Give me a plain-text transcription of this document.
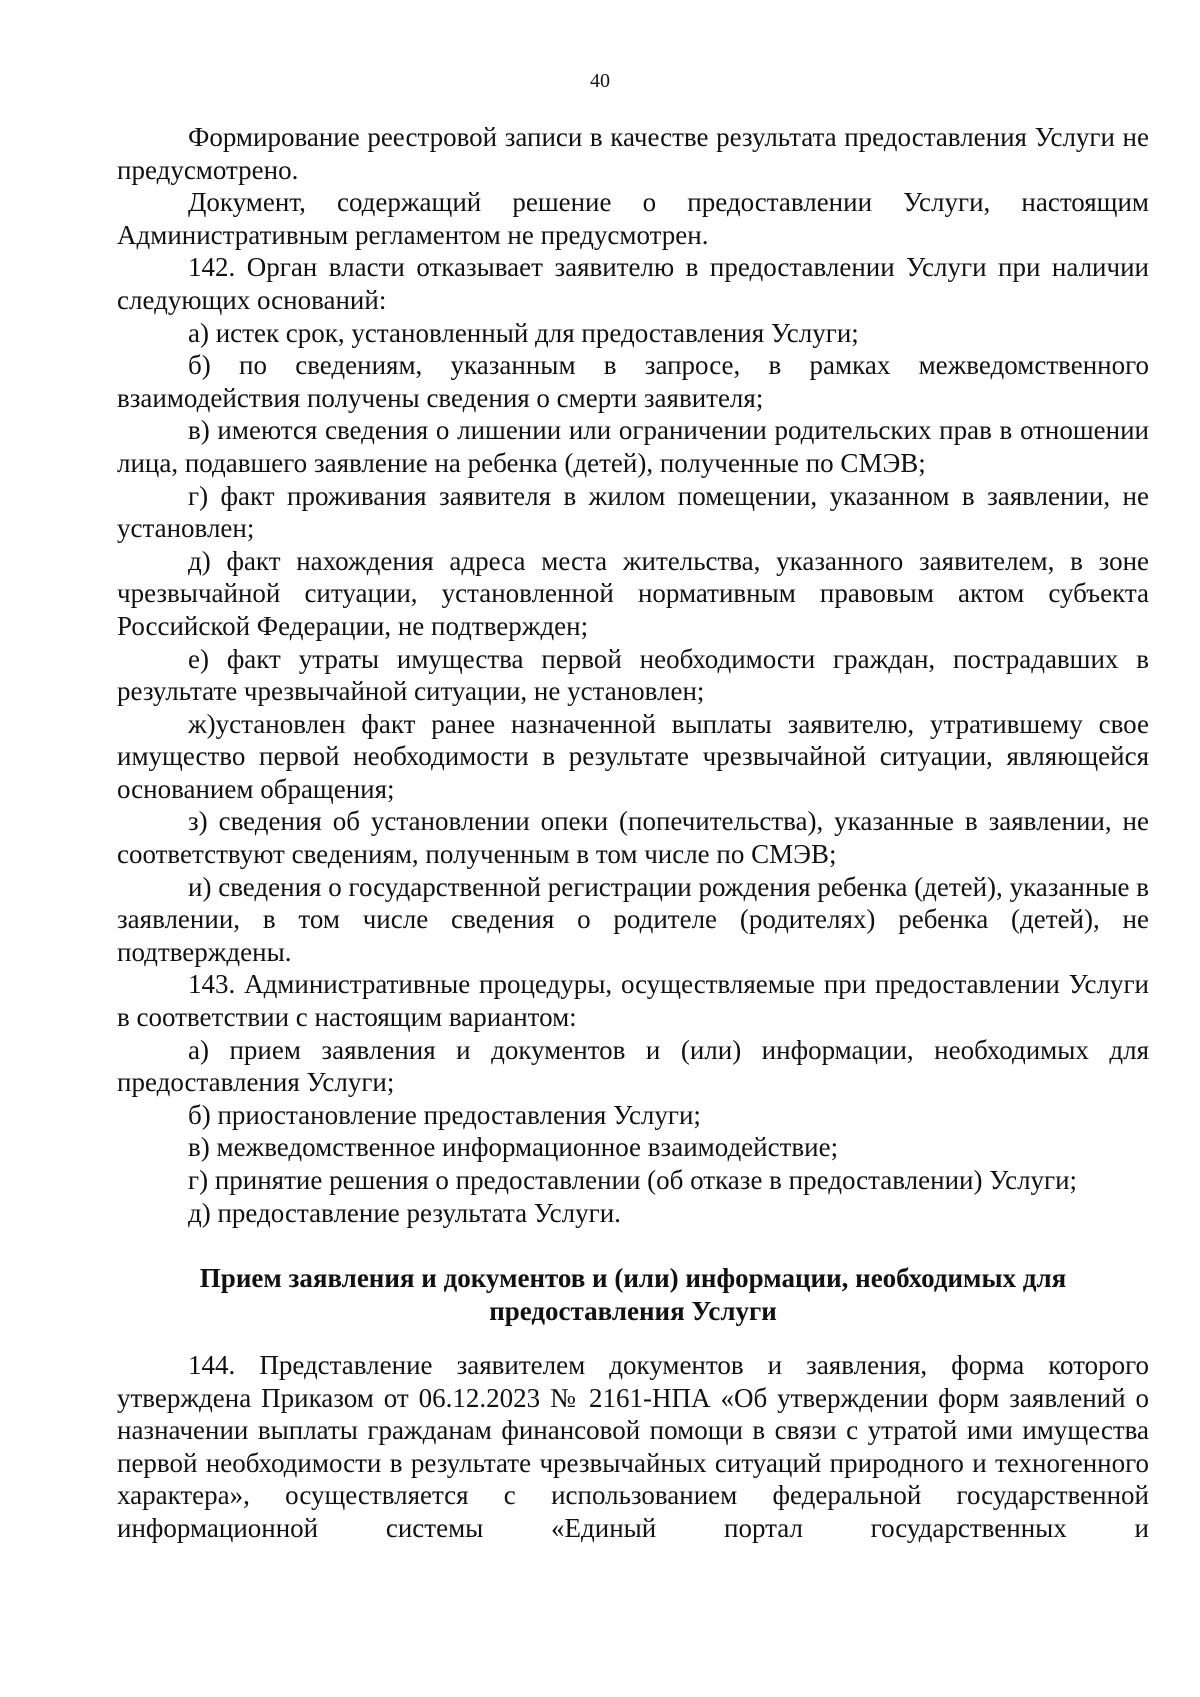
40

Формирование реестровой записи в качестве результата предоставления Услуги не предусмотрено.

Документ, содержащий решение о предоставлении Услуги, настоящим Административным регламентом не предусмотрен.

142. Орган власти отказывает заявителю в предоставлении Услуги при наличии следующих оснований:

а) истек срок, установленный для предоставления Услуги;

б) по сведениям, указанным в запросе, в рамках межведомственного взаимодействия получены сведения о смерти заявителя;

в) имеются сведения о лишении или ограничении родительских прав в отношении лица, подавшего заявление на ребенка (детей), полученные по СМЭВ;

г) факт проживания заявителя в жилом помещении, указанном в заявлении, не установлен;

д) факт нахождения адреса места жительства, указанного заявителем, в зоне чрезвычайной ситуации, установленной нормативным правовым актом субъекта Российской Федерации, не подтвержден;

е) факт утраты имущества первой необходимости граждан, пострадавших в результате чрезвычайной ситуации, не установлен;

ж)установлен факт ранее назначенной выплаты заявителю, утратившему свое имущество первой необходимости в результате чрезвычайной ситуации, являющейся основанием обращения;

з) сведения об установлении опеки (попечительства), указанные в заявлении, не соответствуют сведениям, полученным в том числе по СМЭВ;

и) сведения о государственной регистрации рождения ребенка (детей), указанные в заявлении, в том числе сведения о родителе (родителях) ребенка (детей), не подтверждены.

143. Административные процедуры, осуществляемые при предоставлении Услуги в соответствии с настоящим вариантом:

а) прием заявления и документов и (или) информации, необходимых для предоставления Услуги;

б) приостановление предоставления Услуги;

в) межведомственное информационное взаимодействие;

г) принятие решения о предоставлении (об отказе в предоставлении) Услуги;

д) предоставление результата Услуги.

Прием заявления и документов и (или) информации, необходимых для предоставления Услуги

144. Представление заявителем документов и заявления, форма которого утверждена Приказом от 06.12.2023 № 2161-НПА «Об утверждении форм заявлений о назначении выплаты гражданам финансовой помощи в связи с утратой ими имущества первой необходимости в результате чрезвычайных ситуаций природного и техногенного характера», осуществляется с использованием федеральной государственной информационной системы «Единый портал государственных и
